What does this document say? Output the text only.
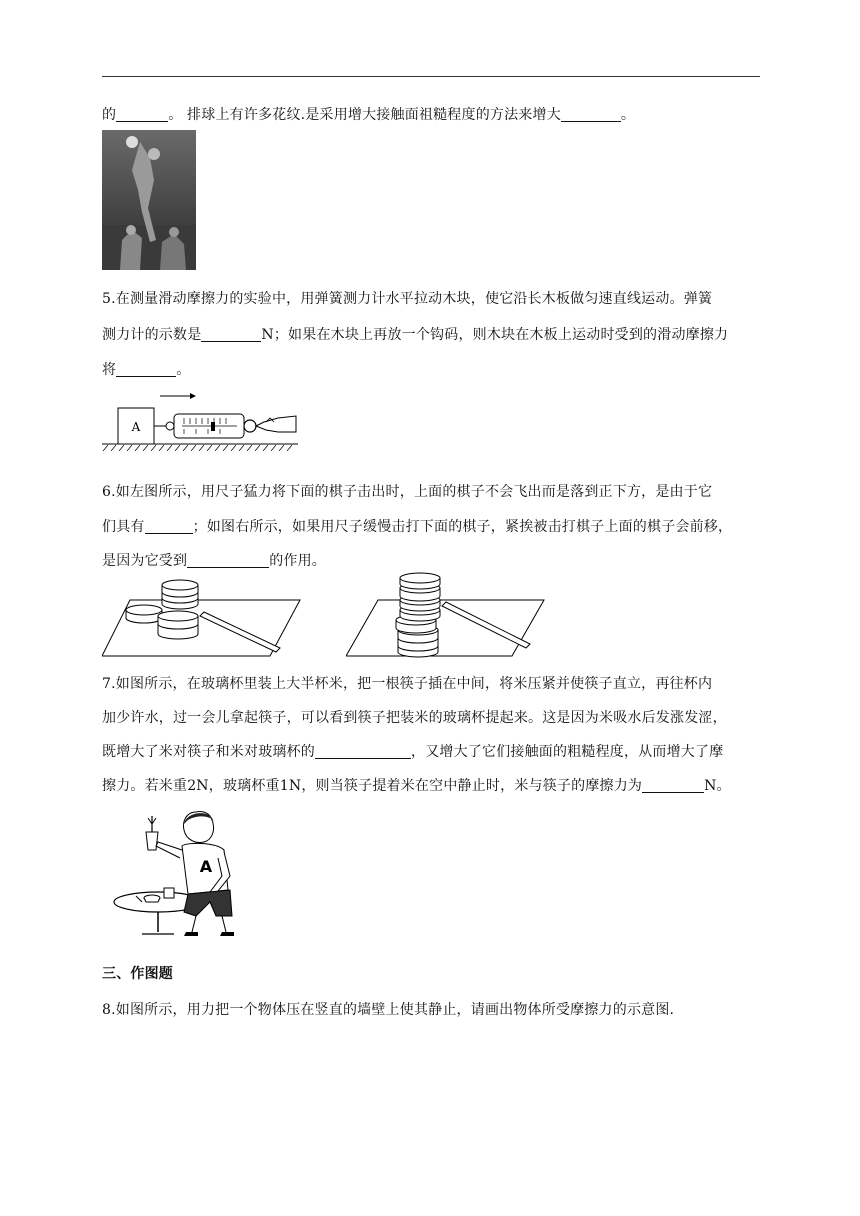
的	。 排球上有许多花纹.是采用增大接触面祖糙程度的方法来增大	。
5.在测量滑动摩擦力的实验中，用弹簧测力计水平拉动木块，使它沿长木板做匀速直线运动。弹簧
测力计的示数是	N；如果在木块上再放一个钩码，则木块在木板上运动时受到的滑动摩擦力
将	。
A
6.如左图所示，用尺子猛力将下面的棋子击出时，上面的棋子不会飞出而是落到正下方，是由于它
们具有	；如图右所示，如果用尺子缓慢击打下面的棋子，紧挨被击打棋子上面的棋子会前移，
是因为它受到	的作用。
7.如图所示，在玻璃杯里装上大半杯米，把一根筷子插在中间，将米压紧并使筷子直立，再往杯内
加少许水，过一会儿拿起筷子，可以看到筷子把装米的玻璃杯提起来。这是因为米吸水后发涨发涩，
既增大了米对筷子和米对玻璃杯的	，又增大了它们接触面的粗糙程度，从而增大了摩
擦力。若米重2N，玻璃杯重1N，则当筷子提着米在空中静止时，米与筷子的摩擦力为	N。
A
三、作图题
8.如图所示，用力把一个物体压在竖直的墙壁上使其静止，请画出物体所受摩擦力的示意图.
